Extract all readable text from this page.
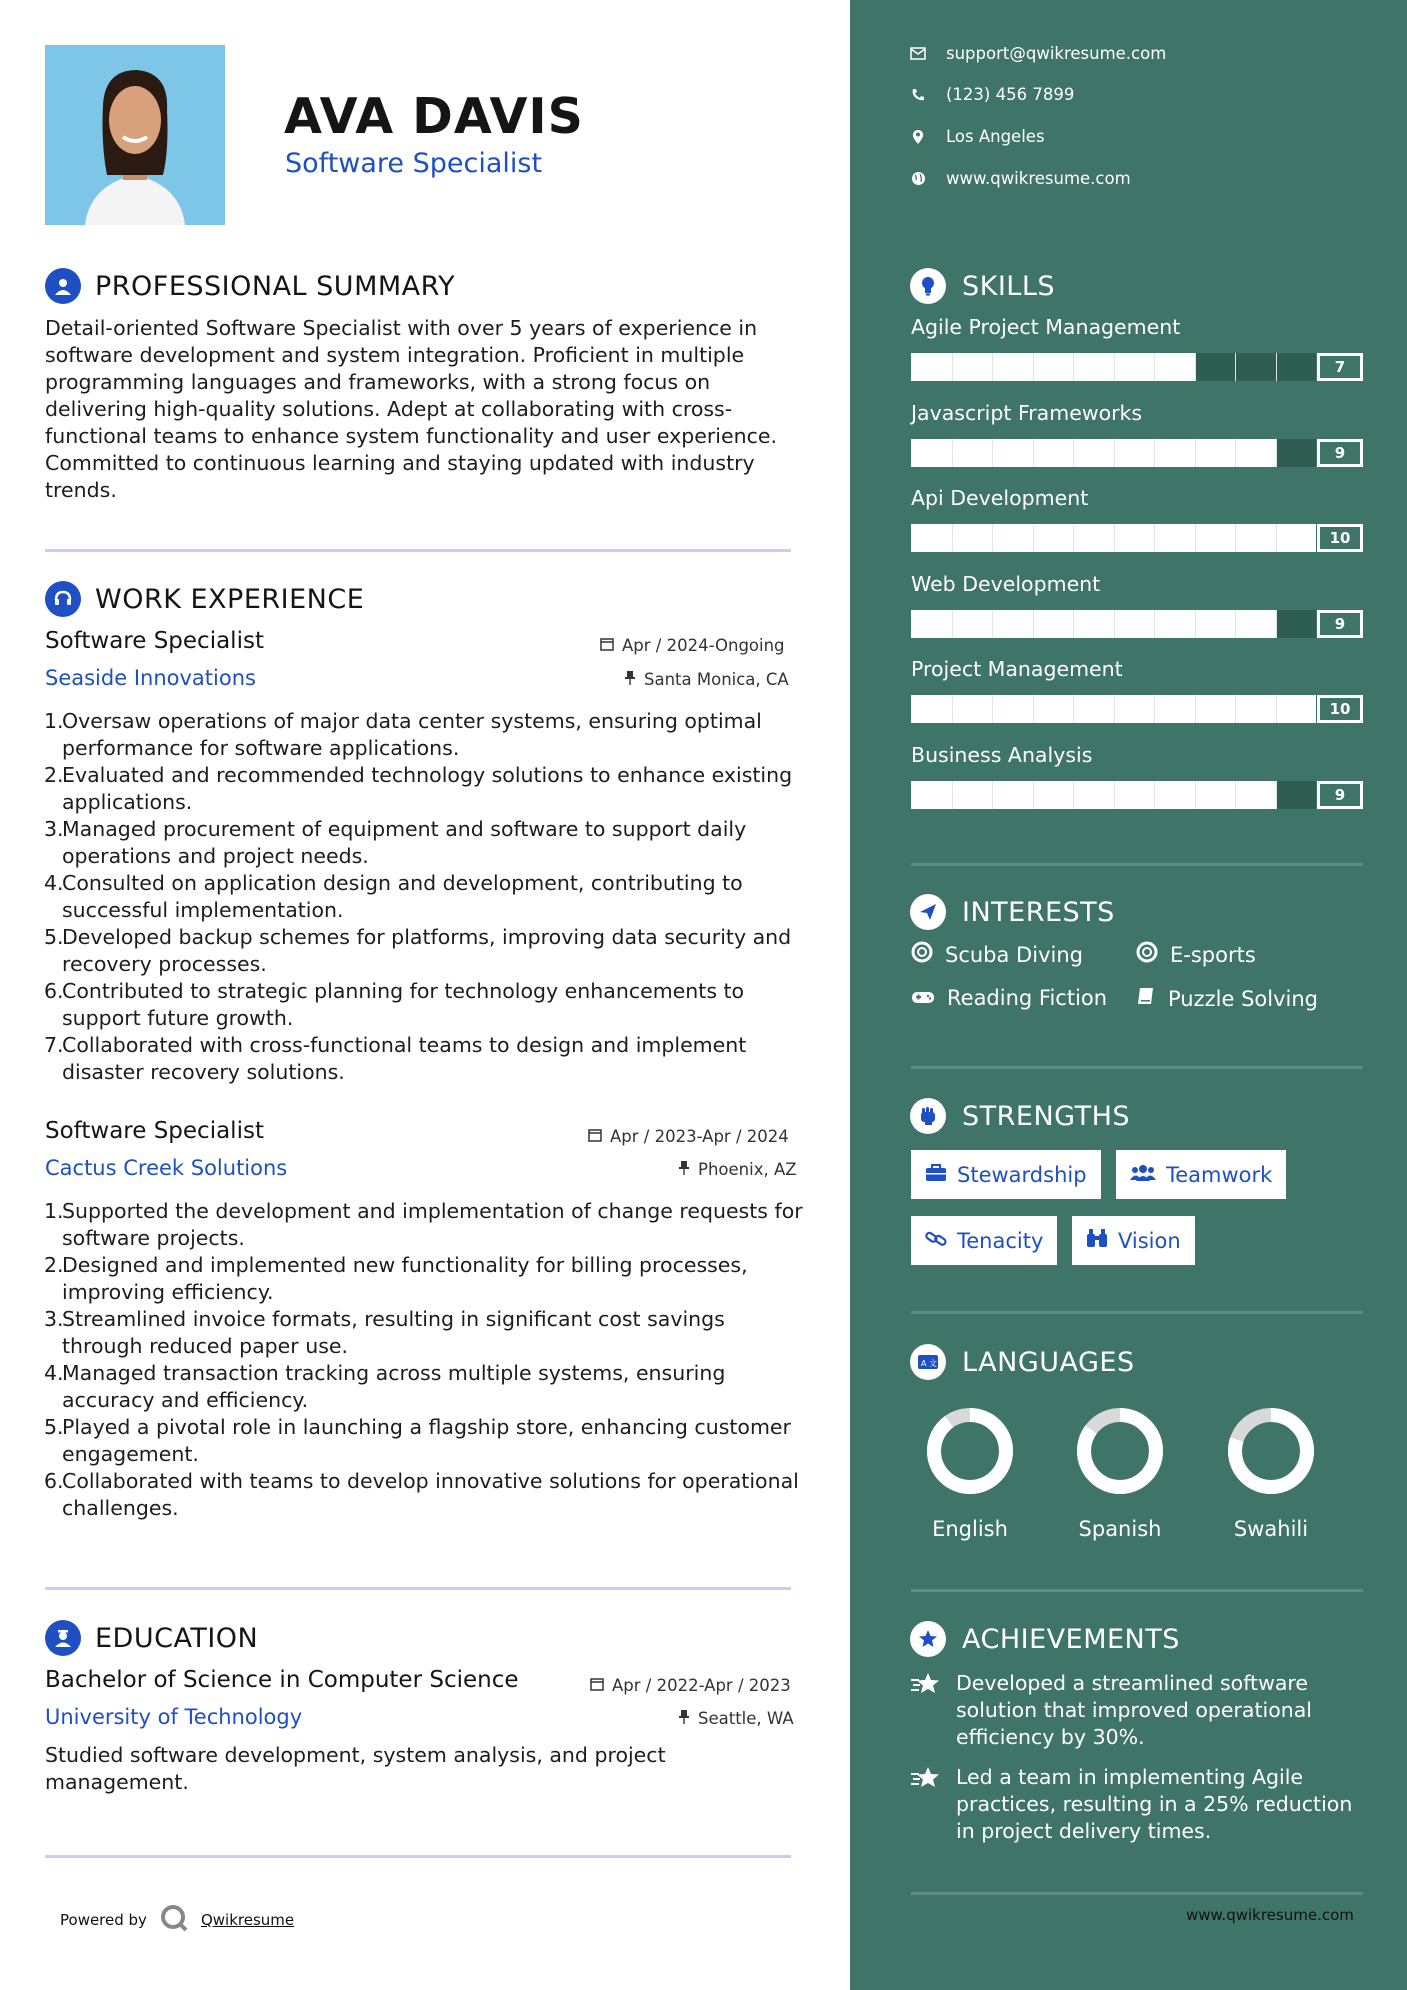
AVA DAVIS
Software Specialist
PROFESSIONAL SUMMARY
Detail-oriented Software Specialist with over 5 years of experience in software development and system integration. Proficient in multiple programming languages and frameworks, with a strong focus on delivering high-quality solutions. Adept at collaborating with cross-functional teams to enhance system functionality and user experience. Committed to continuous learning and staying updated with industry trends.
WORK EXPERIENCE
Software Specialist	Apr / 2024-Ongoing
Seaside Innovations	Santa Monica, CA
1.
Oversaw operations of major data center systems, ensuring optimal performance for software applications.
2.
Evaluated and recommended technology solutions to enhance existing applications.
3.
Managed procurement of equipment and software to support daily operations and project needs.
4.
Consulted on application design and development, contributing to successful implementation.
5.
Developed backup schemes for platforms, improving data security and recovery processes.
6.
Contributed to strategic planning for technology enhancements to support future growth.
7.
Collaborated with cross-functional teams to design and implement disaster recovery solutions.
Software Specialist	Apr / 2023-Apr / 2024
Cactus Creek Solutions	Phoenix, AZ
1.
Supported the development and implementation of change requests for software projects.
2.
Designed and implemented new functionality for billing processes, improving efficiency.
3.
Streamlined invoice formats, resulting in significant cost savings through reduced paper use.
4.
Managed transaction tracking across multiple systems, ensuring accuracy and efficiency.
5.
Played a pivotal role in launching a flagship store, enhancing customer engagement.
6.
Collaborated with teams to develop innovative solutions for operational challenges.
EDUCATION
Bachelor of Science in Computer Science	Apr / 2022-Apr / 2023
University of Technology	Seattle, WA
Studied software development, system analysis, and project management.
Powered by	Qwikresume
support@qwikresume.com
(123) 456 7899
Los Angeles
www.qwikresume.com
SKILLS
Agile Project Management
7
Javascript Frameworks
9
Api Development
10
Web Development
9
Project Management
10
Business Analysis
9
INTERESTS
Scuba Diving	E-sports
Reading Fiction	Puzzle Solving
STRENGTHS
Stewardship	Teamwork
Tenacity	Vision
A 文 LANGUAGES
English	Spanish	Swahili
ACHIEVEMENTS
Developed a streamlined software solution that improved operational efficiency by 30%.
Led a team in implementing Agile practices, resulting in a 25% reduction in project delivery times.
www.qwikresume.com
